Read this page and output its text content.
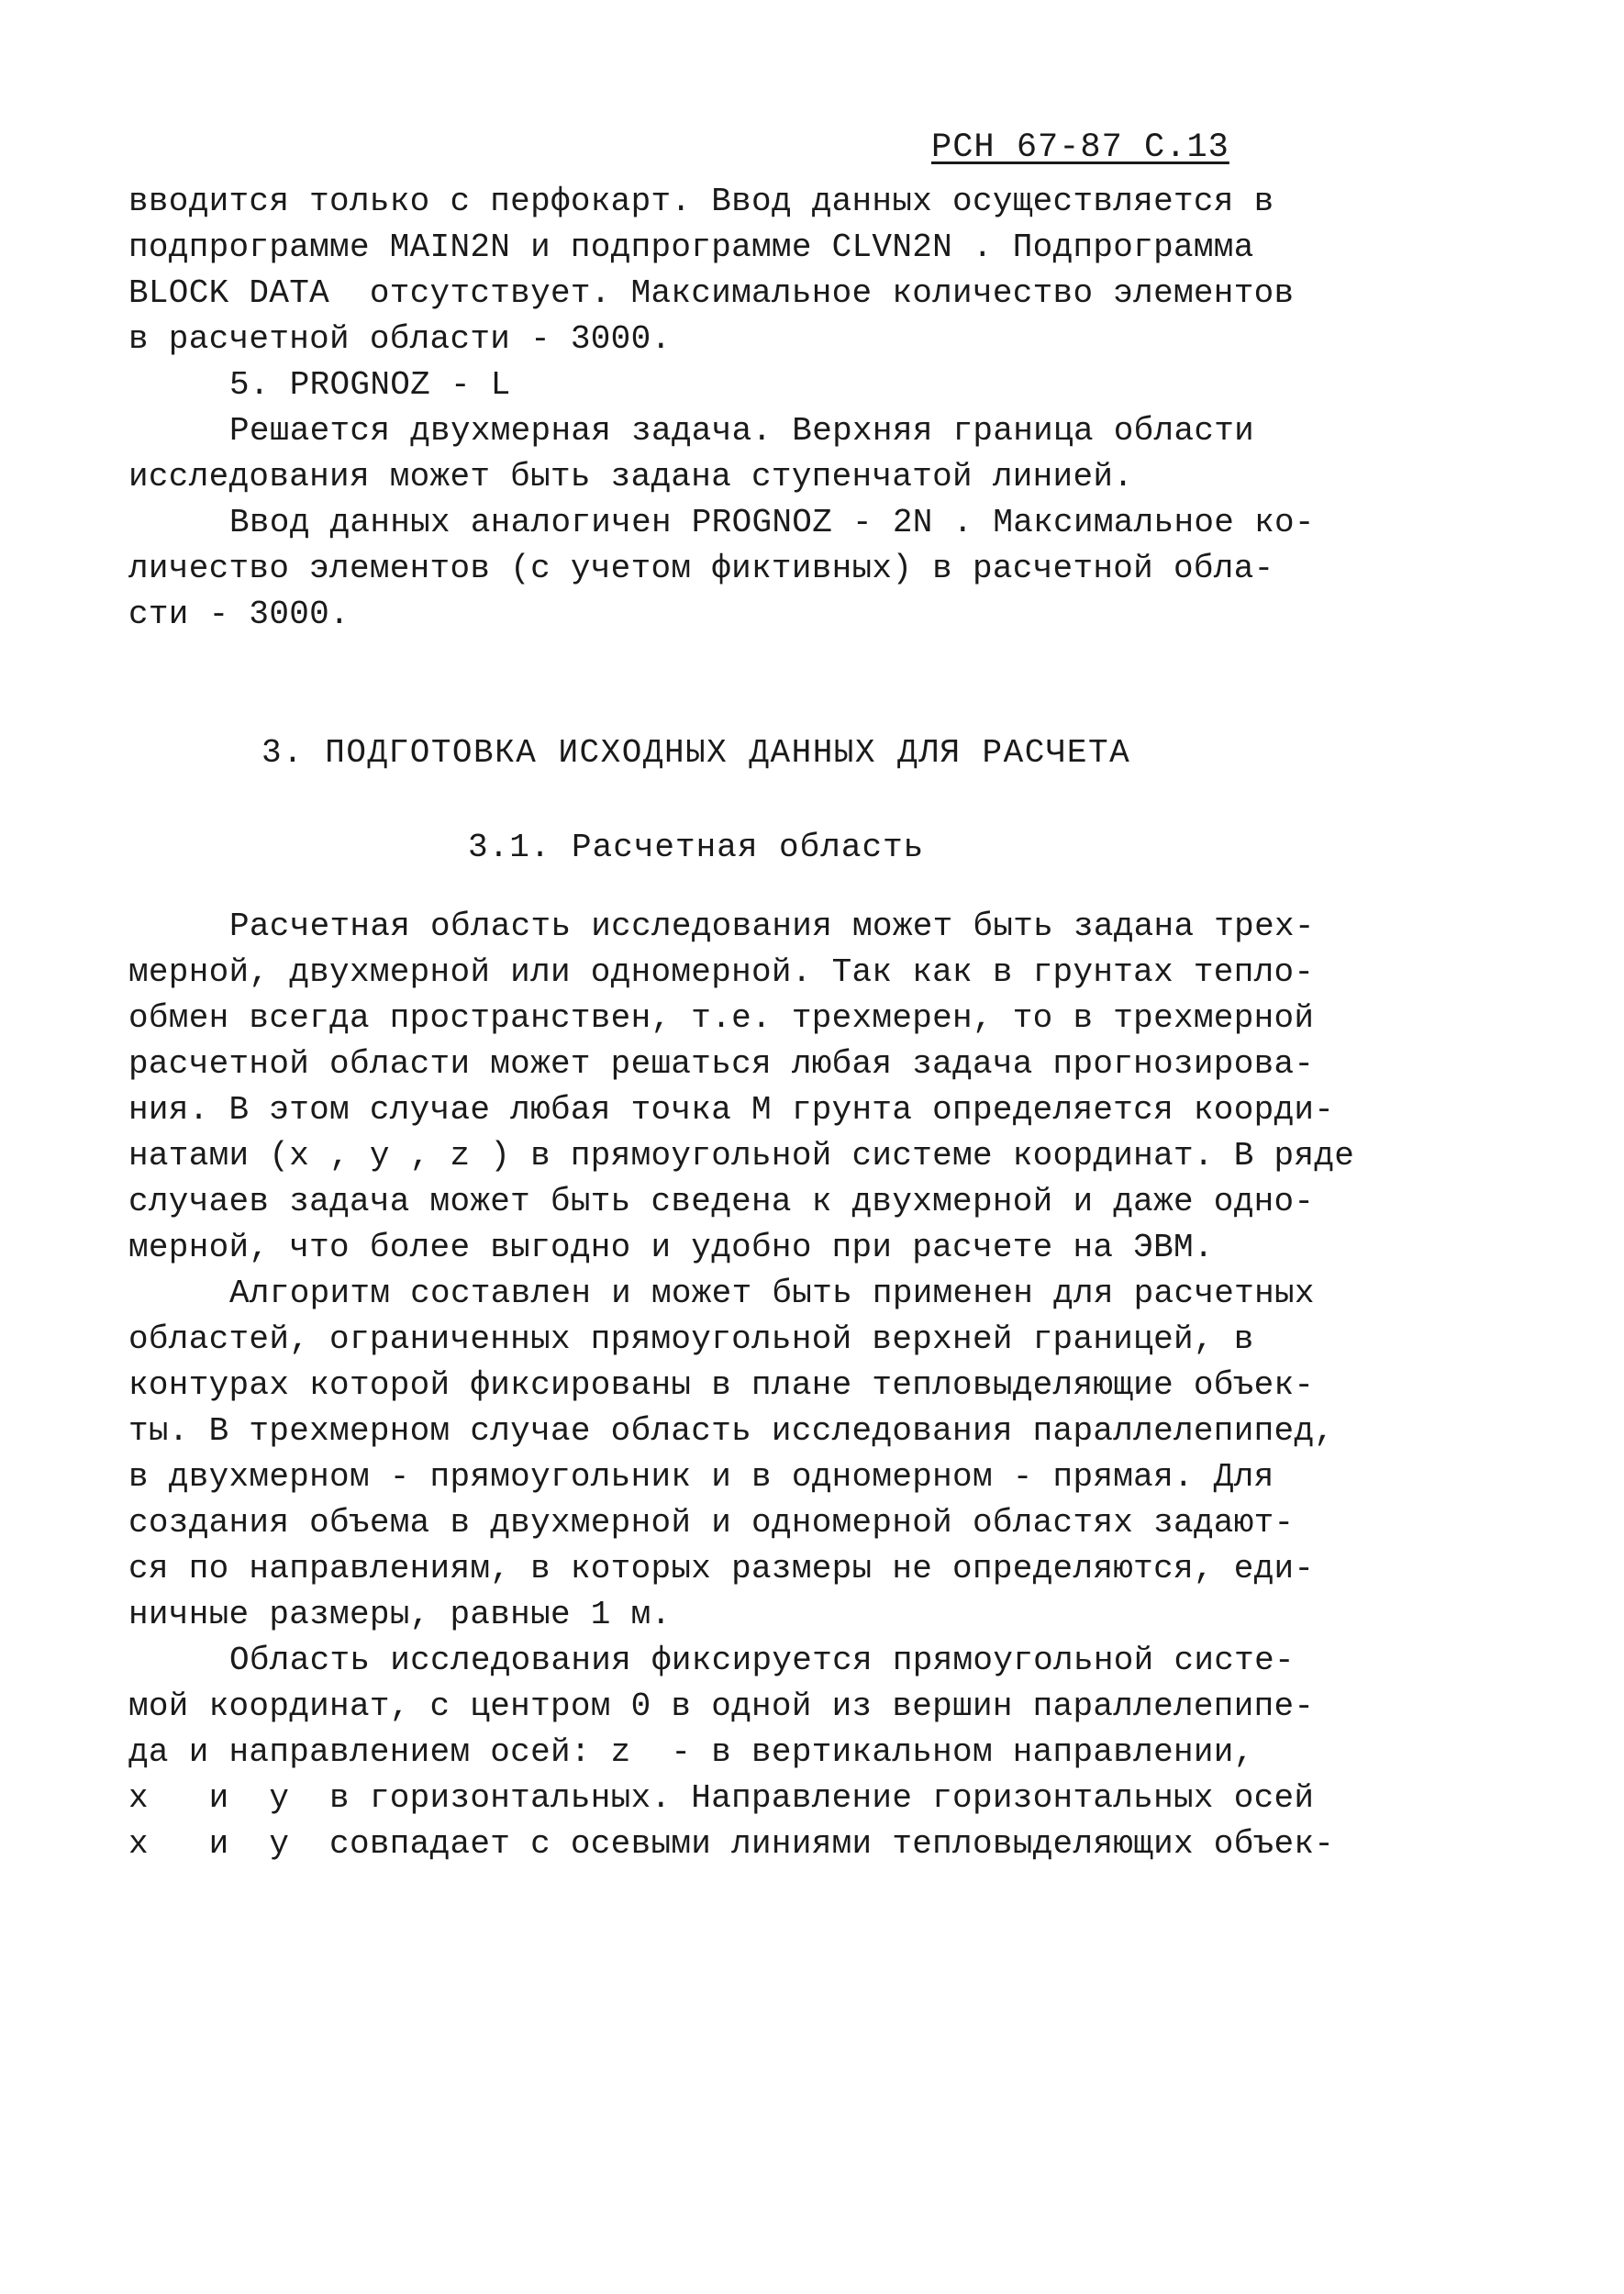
РСН 67-87 С.13
вводится только с перфокарт. Ввод данных осуществляется в
подпрограмме MAIN2N и подпрограмме CLVN2N . Подпрограмма
BLOCK DATA  отсутствует. Максимальное количество элементов
в расчетной области - 3000.
5. PROGNOZ - L
Решается двухмерная задача. Верхняя граница области
исследования может быть задана ступенчатой линией.
Ввод данных аналогичен PROGNOZ - 2N . Максимальное ко-
личество элементов (с учетом фиктивных) в расчетной обла-
сти - 3000.
3. ПОДГОТОВКА ИСХОДНЫХ ДАННЫХ ДЛЯ РАСЧЕТА
3.1. Расчетная область
Расчетная область исследования может быть задана трех-
мерной, двухмерной или одномерной. Так как в грунтах тепло-
обмен всегда пространствен, т.е. трехмерен, то в трехмерной
расчетной области может решаться любая задача прогнозирова-
ния. В этом случае любая точка M грунта определяется коорди-
натами (x , y , z ) в прямоугольной системе координат. В ряде
случаев задача может быть сведена к двухмерной и даже одно-
мерной, что более выгодно и удобно при расчете на ЭВМ.
Алгоритм составлен и может быть применен для расчетных
областей, ограниченных прямоугольной верхней границей, в
контурах которой фиксированы в плане тепловыделяющие объек-
ты. В трехмерном случае область исследования параллелепипед,
в двухмерном - прямоугольник и в одномерном - прямая. Для
создания объема в двухмерной и одномерной областях задают-
ся по направлениям, в которых размеры не определяются, еди-
ничные размеры, равные 1 м.
Область исследования фиксируется прямоугольной систе-
мой координат, с центром 0 в одной из вершин параллелепипе-
да и направлением осей: z  - в вертикальном направлении,
x   и  y  в горизонтальных. Направление горизонтальных осей
x   и  y  совпадает с осевыми линиями тепловыделяющих объек-
